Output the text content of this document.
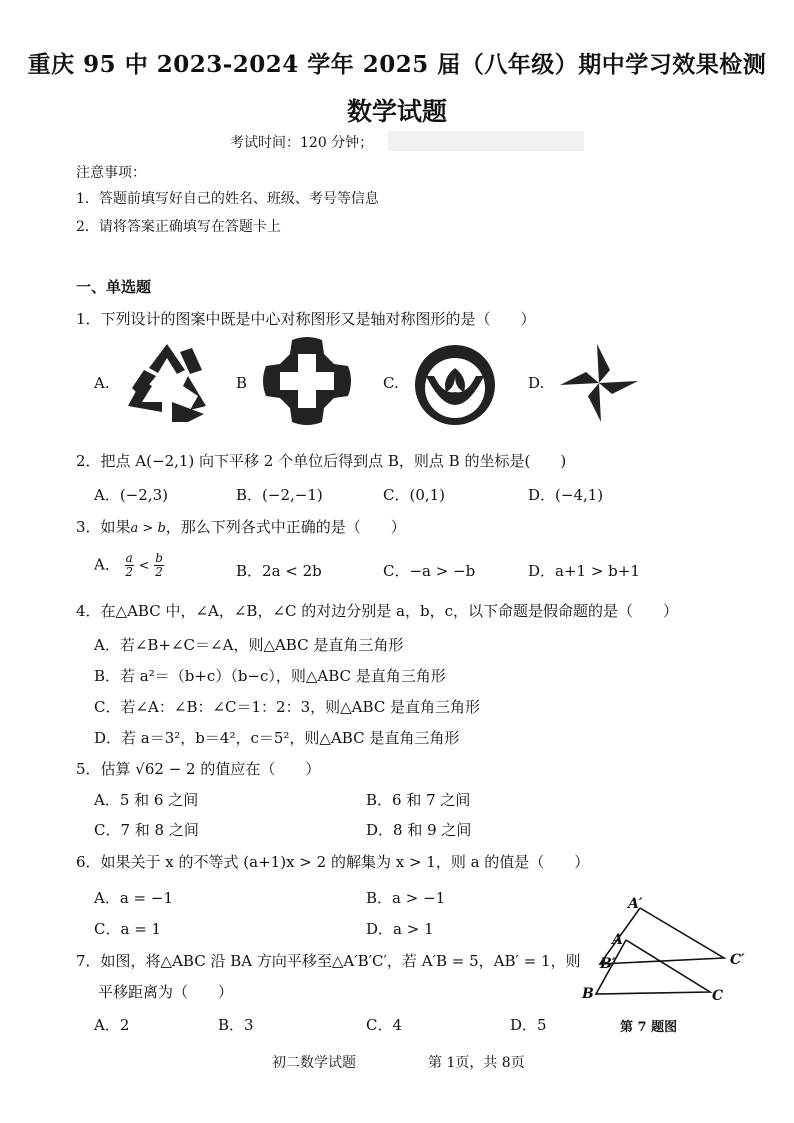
重庆 95 中 2023-2024 学年 2025 届（八年级）期中学习效果检测
数学试题
考试时间：120 分钟；
注意事项：
1．答题前填写好自己的姓名、班级、考号等信息
2．请将答案正确填写在答题卡上
一、单选题
1．下列设计的图案中既是中心对称图形又是轴对称图形的是（　　）
A.	B	C.	D.
2．把点 A(−2,1) 向下平移 2 个单位后得到点 B，则点 B 的坐标是(　　)
A．(−2,3)	B．(−2,−1)	C．(0,1)	D．(−4,1)
3．如果a > b，那么下列各式中正确的是（　　）
A． $\frac{a}{2} < \frac{b}{2}$	B．2a < 2b	C．−a > −b	D．a+1 > b+1
4．在△ABC 中，∠A，∠B，∠C 的对边分别是 a，b，c，以下命题是假命题的是（　　）
A．若∠B+∠C＝∠A，则△ABC 是直角三角形
B．若 a²＝（b+c）（b−c），则△ABC 是直角三角形
C．若∠A：∠B：∠C＝1：2：3，则△ABC 是直角三角形
D．若 a＝3²，b＝4²，c＝5²，则△ABC 是直角三角形
5．估算 √62 − 2 的值应在（　　）
A．5 和 6 之间	B．6 和 7 之间
C．7 和 8 之间	D．8 和 9 之间
6．如果关于 x 的不等式 (a+1)x > 2 的解集为 x > 1，则 a 的值是（　　）
A．a = −1	B．a > −1
C．a = 1	D．a > 1
7．如图，将△ABC 沿 BA 方向平移至△A′B′C′，若 A′B = 5，AB′ = 1，则
平移距离为（　　）
A．2	B．3	C．4	D．5
A′
A
B′
B
C′
C
第 7 题图
初二数学试题	第 1页，共 8页
